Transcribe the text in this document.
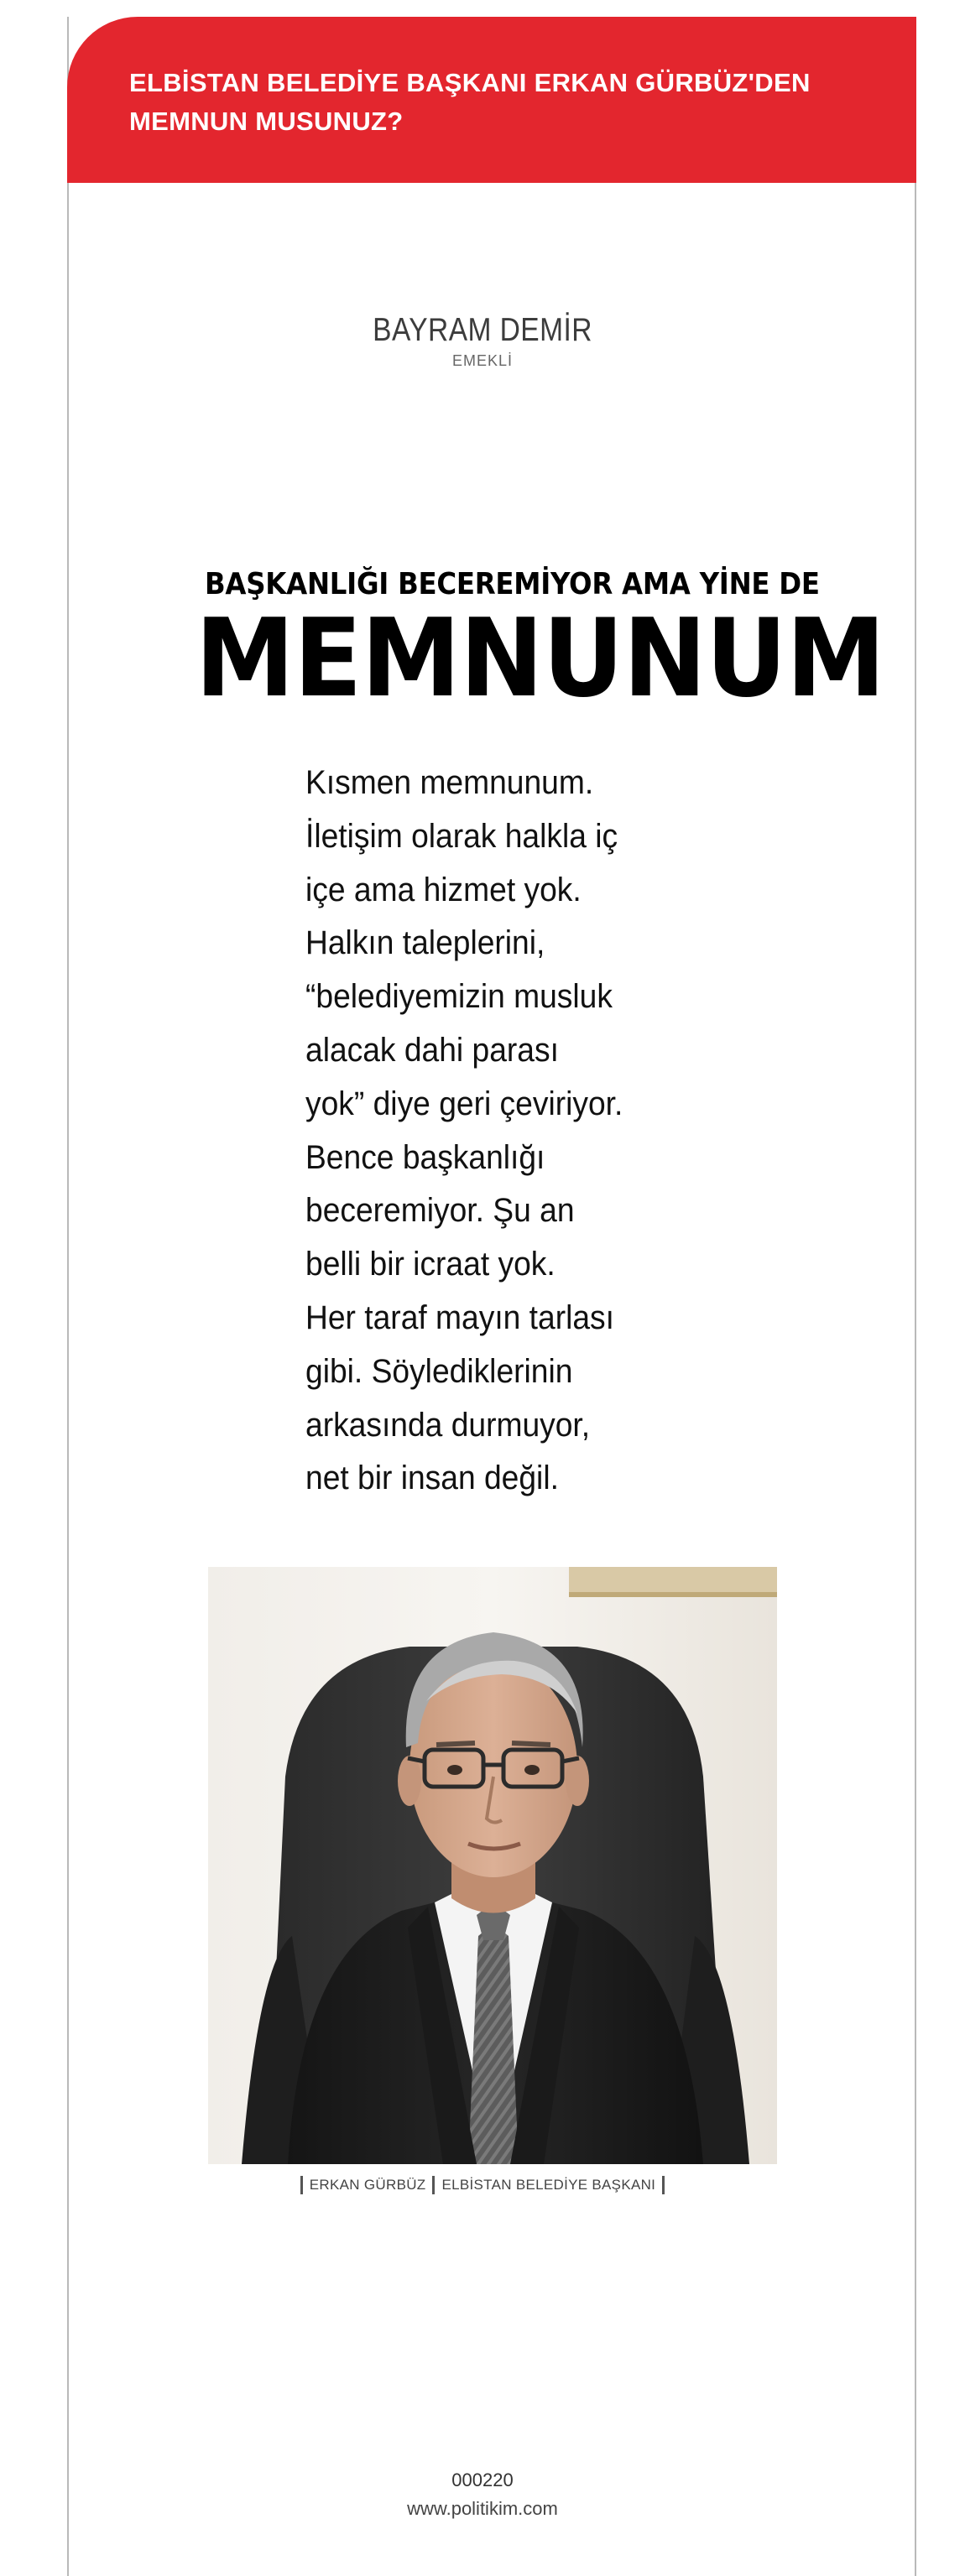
ELBİSTAN BELEDİYE BAŞKANI ERKAN GÜRBÜZ'DEN
MEMNUN MUSUNUZ?

BAYRAM DEMİR
EMEKLİ
BAŞKANLIĞI BECEREMİYOR AMA YİNE DE
MEMNUNUM
Kısmen memnunum.
İletişim olarak halkla iç
içe ama hizmet yok.
Halkın taleplerini,
“belediyemizin musluk
alacak dahi parası
yok” diye geri çeviriyor.
Bence başkanlığı
beceremiyor. Şu an
belli bir icraat yok.
Her taraf mayın tarlası
gibi. Söylediklerinin
arkasında durmuyor,
net bir insan değil.
ERKAN GÜRBÜZ ELBİSTAN BELEDİYE BAŞKANI
000220
www.politikim.com
